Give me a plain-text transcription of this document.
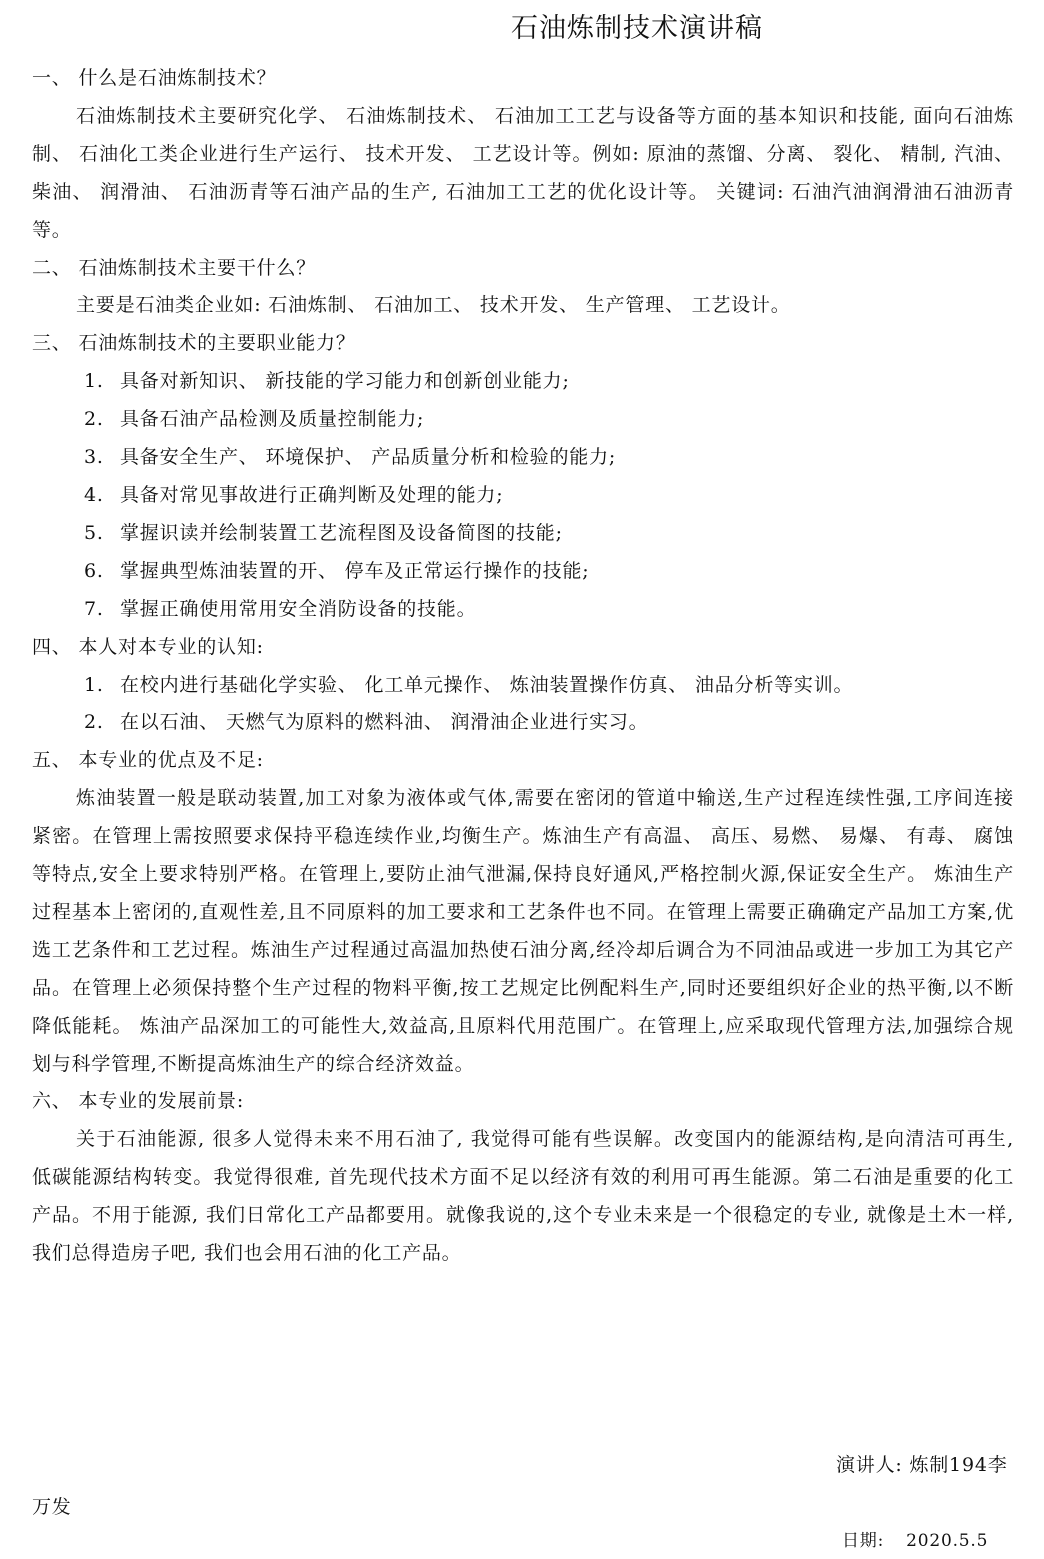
石油炼制技术演讲稿

一、 什么是石油炼制技术？

石油炼制技术主要研究化学、 石油炼制技术、 石油加工工艺与设备等方面的基本知识和技能, 面向石油炼制、 石油化工类企业进行生产运行、 技术开发、 工艺设计等。例如: 原油的蒸馏、分离、 裂化、 精制, 汽油、 柴油、 润滑油、 石油沥青等石油产品的生产, 石油加工工艺的优化设计等。 关键词: 石油汽油润滑油石油沥青等。

二、 石油炼制技术主要干什么？

主要是石油类企业如: 石油炼制、 石油加工、 技术开发、 生产管理、 工艺设计。

三、 石油炼制技术的主要职业能力？

1. 具备对新知识、 新技能的学习能力和创新创业能力;

2. 具备石油产品检测及质量控制能力;

3. 具备安全生产、 环境保护、 产品质量分析和检验的能力;

4. 具备对常见事故进行正确判断及处理的能力;

5. 掌握识读并绘制装置工艺流程图及设备简图的技能;

6. 掌握典型炼油装置的开、 停车及正常运行操作的技能;

7. 掌握正确使用常用安全消防设备的技能。

四、 本人对本专业的认知:

1. 在校内进行基础化学实验、 化工单元操作、 炼油装置操作仿真、 油品分析等实训。

2. 在以石油、 天燃气为原料的燃料油、 润滑油企业进行实习。

五、 本专业的优点及不足:

炼油装置一般是联动装置,加工对象为液体或气体,需要在密闭的管道中输送,生产过程连续性强,工序间连接紧密。在管理上需按照要求保持平稳连续作业,均衡生产。炼油生产有高温、 高压、易燃、 易爆、 有毒、 腐蚀等特点,安全上要求特别严格。在管理上,要防止油气泄漏,保持良好通风,严格控制火源,保证安全生产。 炼油生产过程基本上密闭的,直观性差,且不同原料的加工要求和工艺条件也不同。在管理上需要正确确定产品加工方案,优选工艺条件和工艺过程。炼油生产过程通过高温加热使石油分离,经冷却后调合为不同油品或进一步加工为其它产品。在管理上必须保持整个生产过程的物料平衡,按工艺规定比例配料生产,同时还要组织好企业的热平衡,以不断降低能耗。 炼油产品深加工的可能性大,效益高,且原料代用范围广。在管理上,应采取现代管理方法,加强综合规划与科学管理,不断提高炼油生产的综合经济效益。

六、 本专业的发展前景:

关于石油能源, 很多人觉得未来不用石油了, 我觉得可能有些误解。改变国内的能源结构,是向清洁可再生, 低碳能源结构转变。我觉得很难, 首先现代技术方面不足以经济有效的利用可再生能源。第二石油是重要的化工产品。不用于能源, 我们日常化工产品都要用。就像我说的,这个专业未来是一个很稳定的专业, 就像是土木一样, 我们总得造房子吧, 我们也会用石油的化工产品。

演讲人: 炼制194李
万发
日期: 2020.5.5
